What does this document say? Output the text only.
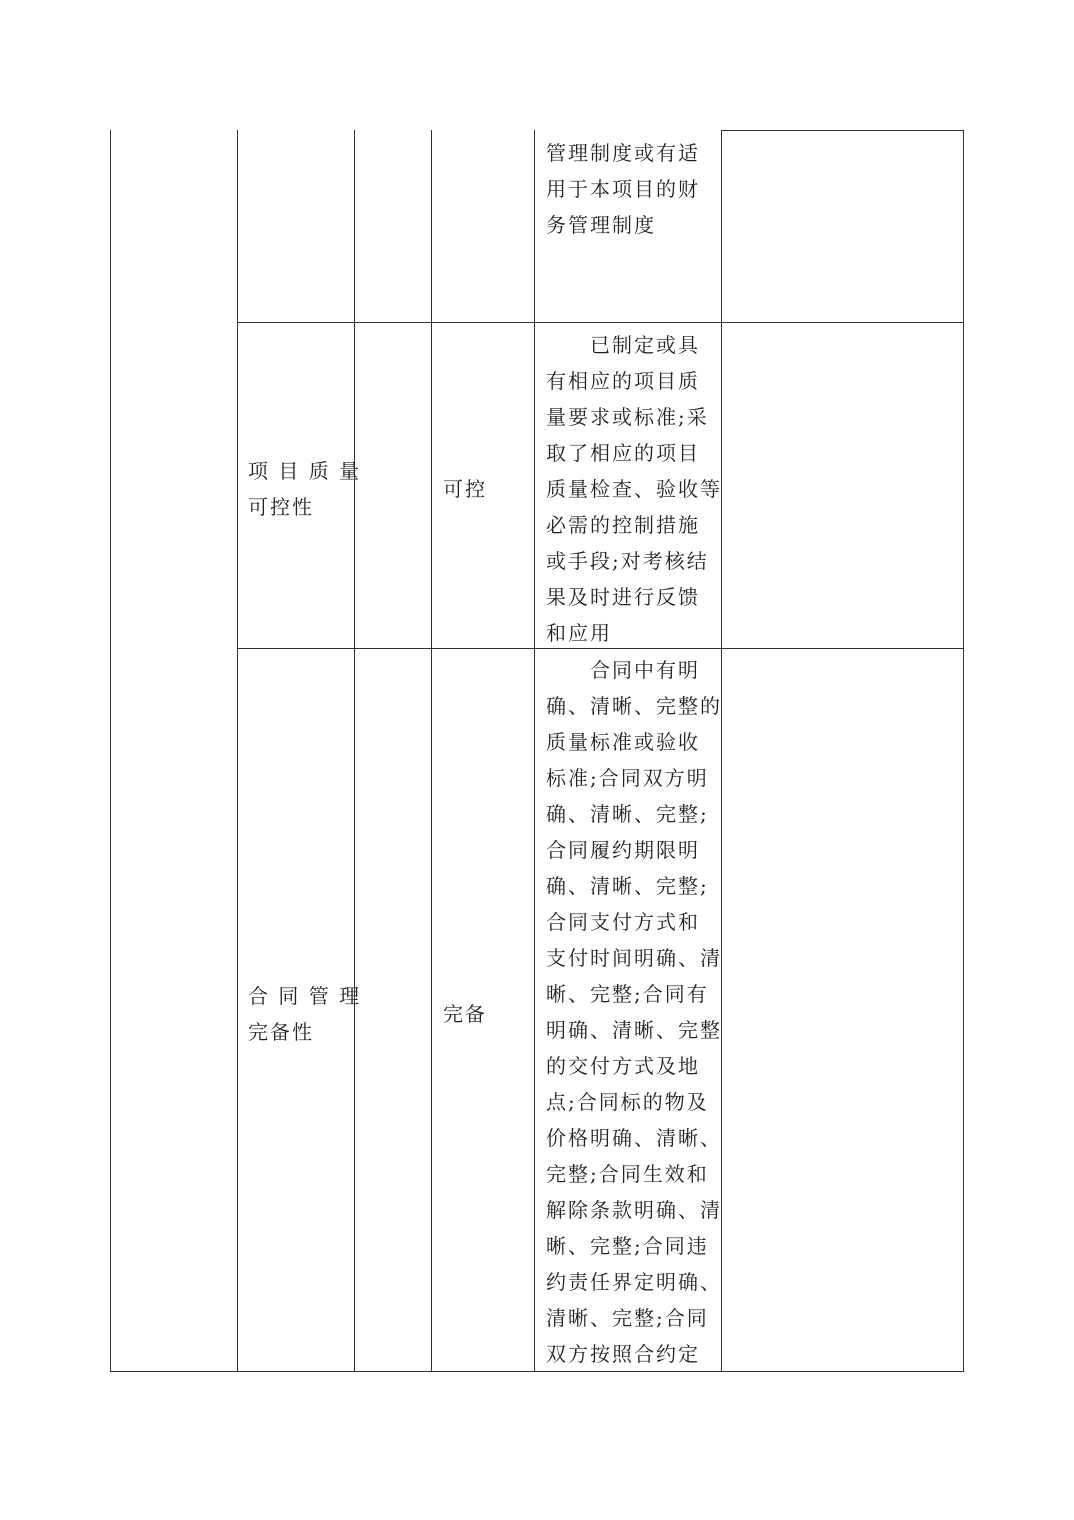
管理制度或有适
用于本项目的财
务管理制度
项 目 质 量
可控性
可控
　　已制定或具
有相应的项目质
量要求或标准;采
取了相应的项目
质量检查、验收等
必需的控制措施
或手段;对考核结
果及时进行反馈
和应用
合 同 管 理
完备性
完备
　　合同中有明
确、清晰、完整的
质量标准或验收
标准;合同双方明
确、清晰、完整;
合同履约期限明
确、清晰、完整;
合同支付方式和
支付时间明确、清
晰、完整;合同有
明确、清晰、完整
的交付方式及地
点;合同标的物及
价格明确、清晰、
完整;合同生效和
解除条款明确、清
晰、完整;合同违
约责任界定明确、
清晰、完整;合同
双方按照合约定
